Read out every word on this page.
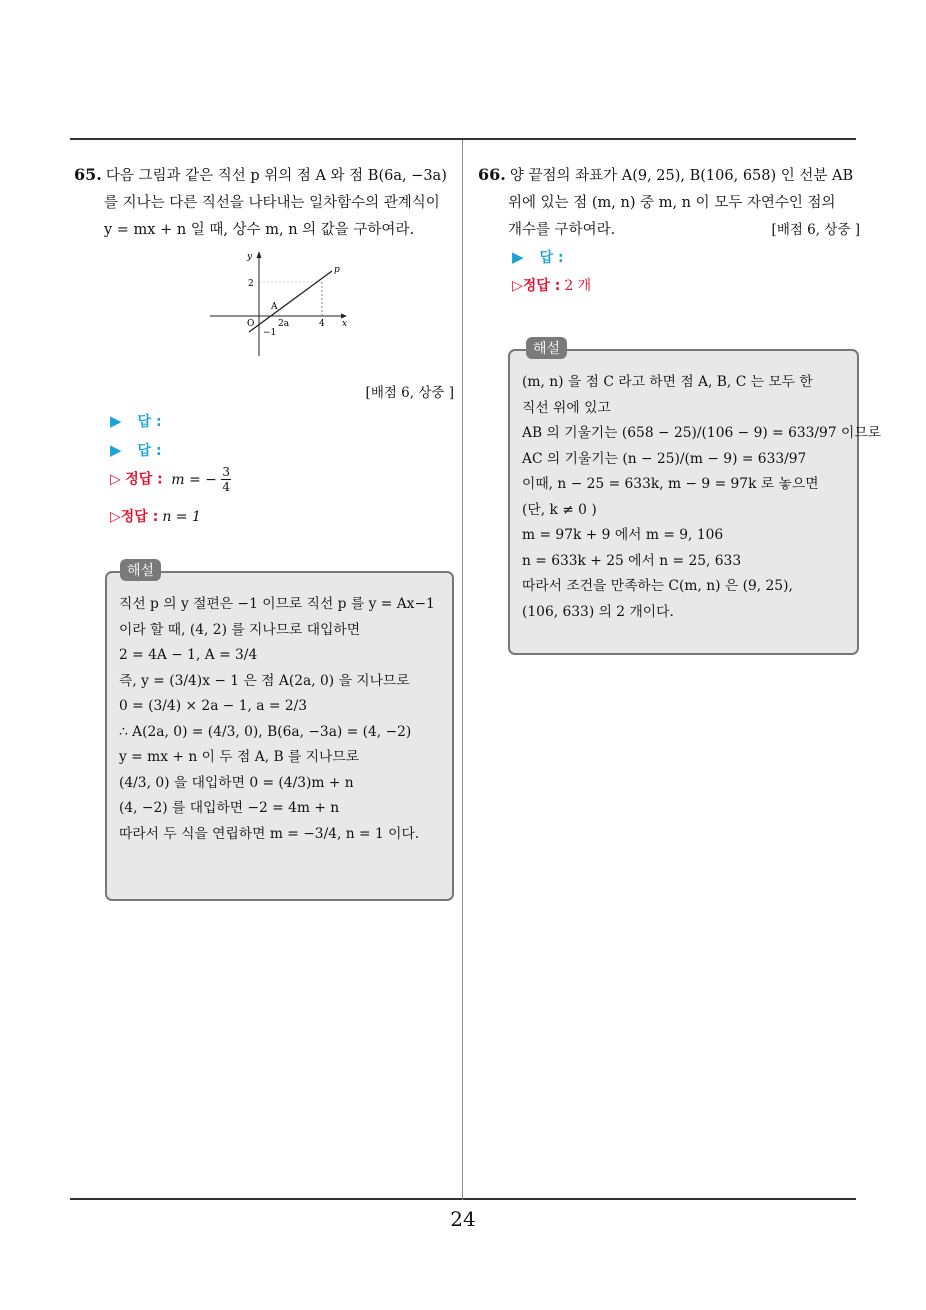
65. 다음 그림과 같은 직선 p 위의 점 A 와 점 B(6a, −3a)
를 지나는 다른 직선을 나타내는 일차함수의 관계식이
y = mx + n 일 때, 상수 m, n 의 값을 구하여라.
y
x
O
p
A
2
−1
2a	4
[배점 6, 상중 ]
▶ 답 :
▶ 답 :
▷ 정답 : m = − $\frac{3}{4}$
▷정답 : n = 1
해설
직선 p 의 y 절편은 −1 이므로 직선 p 를 y = Ax−1
이라 할 때, (4, 2) 를 지나므로 대입하면
2 = 4A − 1, A = 3/4
즉, y = (3/4)x − 1 은 점 A(2a, 0) 을 지나므로
0 = (3/4) × 2a − 1, a = 2/3
∴ A(2a, 0) = (4/3, 0), B(6a, −3a) = (4, −2)
y = mx + n 이 두 점 A, B 를 지나므로
(4/3, 0) 을 대입하면 0 = (4/3)m + n
(4, −2) 를 대입하면 −2 = 4m + n
따라서 두 식을 연립하면 m = −3/4, n = 1 이다.
66. 양 끝점의 좌표가 A(9, 25), B(106, 658) 인 선분 AB
위에 있는 점 (m, n) 중 m, n 이 모두 자연수인 점의
개수를 구하여라.	[배점 6, 상중 ]
▶ 답 :
▷정답 : 2 개
해설
(m, n) 을 점 C 라고 하면 점 A, B, C 는 모두 한
직선 위에 있고
AB 의 기울기는 (658 − 25)/(106 − 9) = 633/97 이므로
AC 의 기울기는 (n − 25)/(m − 9) = 633/97
이때, n − 25 = 633k, m − 9 = 97k 로 놓으면
(단, k ≠ 0 )
m = 97k + 9 에서 m = 9, 106
n = 633k + 25 에서 n = 25, 633
따라서 조건을 만족하는 C(m, n) 은 (9, 25),
(106, 633) 의 2 개이다.
24
